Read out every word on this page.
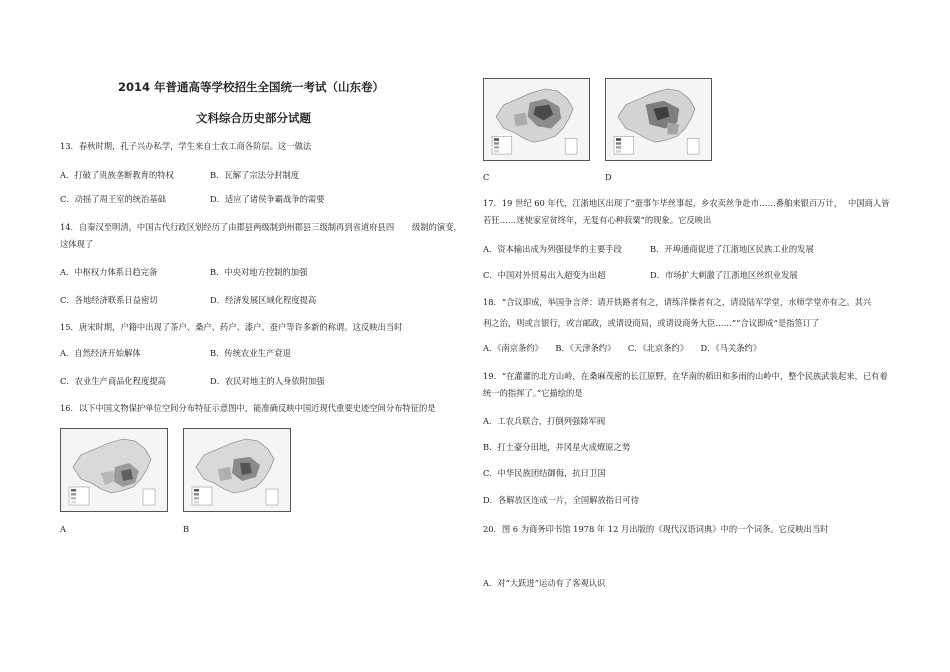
2014 年普通高等学校招生全国统一考试（山东卷）
文科综合历史部分试题
13．春秋时期，孔子兴办私学，学生来自士农工商各阶层。这一做法
A．打破了贵族垄断教育的特权	B．瓦解了宗法分封制度
C．动摇了周王室的统治基础	D．适应了诸侯争霸战争的需要
14．自秦汉至明清，中国古代行政区划经历了由郡县两级制到州郡县三级制再到省道府县四 级制的演变，
这体现了
A．中枢权力体系日趋完备	B．中央对地方控制的加强
C．各地经济联系日益密切	D．经济发展区域化程度提高
15．唐宋时期，户籍中出现了茶户、桑户、药户、漆户、蚕户等许多新的称谓。这反映出当时
A．自然经济开始解体	B．传统农业生产衰退
C．农业生产商品化程度提高	D．农民对地主的人身依附加强
16．以下中国文物保护单位空间分布特征示意图中，能准确反映中国近现代重要史迹空间分布特征的是
A	B
C	D
17．19 世纪 60 年代，江浙地区出现了“蚕事乍毕丝事起，乡农卖丝争赴市……番舶来银百万计， 中国商人皆
若狂……迷使家室贫终年，无复有心种菽粟”的现象。它反映出
A．资本输出成为列强侵华的主要手段	B．开埠通商促进了江浙地区民族工业的发展
C．中国对外贸易出入超变为出超	D．市场扩大刺激了江浙地区丝织业发展
18．“合议即成，举国争言斧：请开铁路者有之，请练洋操者有之，请设陆军学堂，水师学堂亦有之。其兴
利之治，则或言银行，或言邮政，或请设商局，或请设商务大臣……”“合议即成”是指签订了
A．《南京条约》　　B．《天津条约》　　C．《北京条约》　　D．《马关条约》
19．“在灌灌的北方山岭，在桑麻茂密的长江原野，在华南的稻田和多雨的山岭中，整个民族武装起来，已有着
统一的指挥了。”它描绘的是
A．工农兵联合，打倒列强除军阀
B．打土豪分田地，井冈星火成燎原之势
C．中华民族团结御侮，抗日卫国
D．各解放区连成一片，全国解放指日可待
20．图 6 为商务印书馆 1978 年 12 月出版的《现代汉语词典》中的一个词条。它反映出当时
A．对“大跃进”运动有了客观认识
